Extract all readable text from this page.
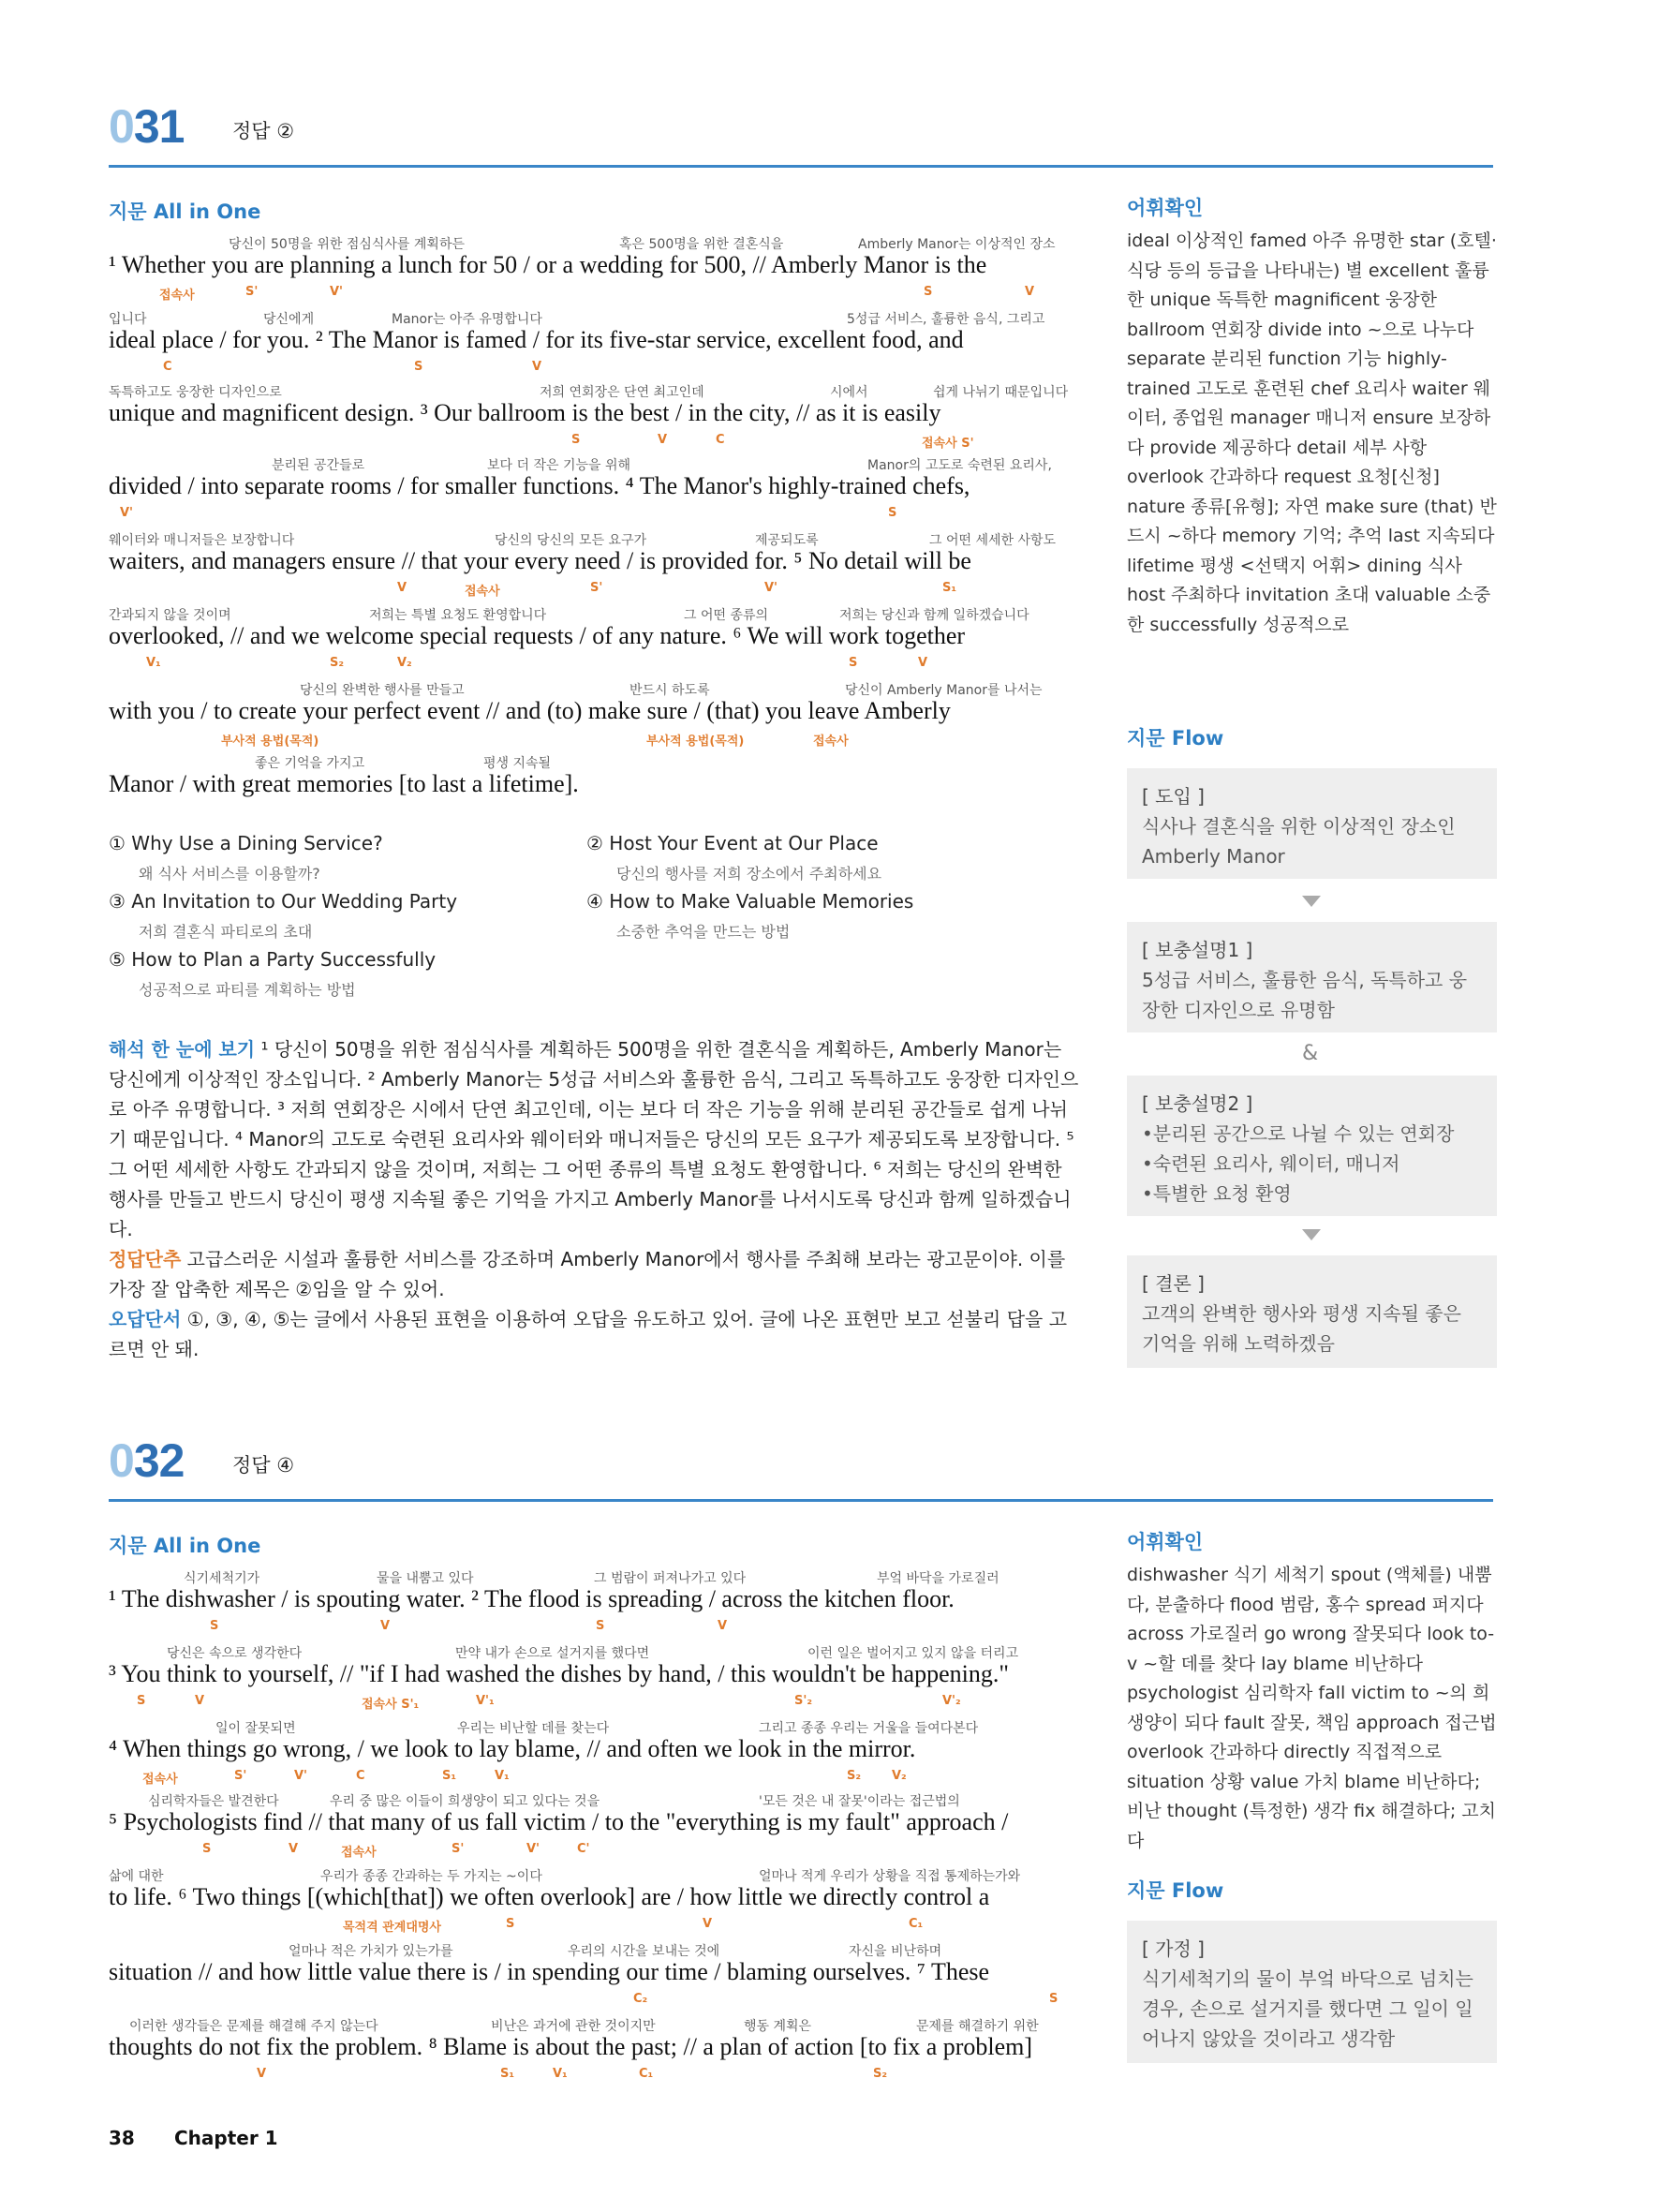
031 정답 ②
지문 All in One
당신이 50명을 위한 점심식사를 계획하든	혹은 500명을 위한 결혼식을	Amberly Manor는 이상적인 장소
¹ Whether you are planning a lunch for 50 / or a wedding for 500, // Amberly Manor is the
접속사	S'	V'	S	V
입니다	당신에게	Manor는 아주 유명합니다	5성급 서비스, 훌륭한 음식, 그리고
ideal place / for you. ² The Manor is famed / for its five-star service, excellent food, and
C	S	V
독특하고도 웅장한 디자인으로	저희 연회장은 단연 최고인데	시에서	쉽게 나뉘기 때문입니다
unique and magnificent design. ³ Our ballroom is the best / in the city, // as it is easily
S	V	C	접속사 S'
분리된 공간들로	보다 더 작은 기능을 위해	Manor의 고도로 숙련된 요리사,
divided / into separate rooms / for smaller functions. ⁴ The Manor's highly-trained chefs,
V'	S
웨이터와 매니저들은 보장합니다	당신의 당신의 모든 요구가	제공되도록	그 어떤 세세한 사항도
waiters, and managers ensure // that your every need / is provided for. ⁵ No detail will be
V	접속사	S'	V'	S₁
간과되지 않을 것이며	저희는 특별 요청도 환영합니다	그 어떤 종류의	저희는 당신과 함께 일하겠습니다
overlooked, // and we welcome special requests / of any nature. ⁶ We will work together
V₁	S₂	V₂	S	V
당신의 완벽한 행사를 만들고	반드시 하도록	당신이 Amberly Manor를 나서는
with you / to create your perfect event // and (to) make sure / (that) you leave Amberly
부사적 용법(목적)	부사적 용법(목적)	접속사
좋은 기억을 가지고	평생 지속될
Manor / with great memories [to last a lifetime].
① Why Use a Dining Service?
왜 식사 서비스를 이용할까?
② Host Your Event at Our Place
당신의 행사를 저희 장소에서 주최하세요
③ An Invitation to Our Wedding Party
저희 결혼식 파티로의 초대
④ How to Make Valuable Memories
소중한 추억을 만드는 방법
⑤ How to Plan a Party Successfully
성공적으로 파티를 계획하는 방법
해석 한 눈에 보기 ¹ 당신이 50명을 위한 점심식사를 계획하든 500명을 위한 결혼식을 계획하든, Amberly Manor는 당신에게 이상적인 장소입니다. ² Amberly Manor는 5성급 서비스와 훌륭한 음식, 그리고 독특하고도 웅장한 디자인으로 아주 유명합니다. ³ 저희 연회장은 시에서 단연 최고인데, 이는 보다 더 작은 기능을 위해 분리된 공간들로 쉽게 나뉘기 때문입니다. ⁴ Manor의 고도로 숙련된 요리사와 웨이터와 매니저들은 당신의 모든 요구가 제공되도록 보장합니다. ⁵ 그 어떤 세세한 사항도 간과되지 않을 것이며, 저희는 그 어떤 종류의 특별 요청도 환영합니다. ⁶ 저희는 당신의 완벽한 행사를 만들고 반드시 당신이 평생 지속될 좋은 기억을 가지고 Amberly Manor를 나서시도록 당신과 함께 일하겠습니다.
정답단추 고급스러운 시설과 훌륭한 서비스를 강조하며 Amberly Manor에서 행사를 주최해 보라는 광고문이야. 이를 가장 잘 압축한 제목은 ②임을 알 수 있어.
오답단서 ①, ③, ④, ⑤는 글에서 사용된 표현을 이용하여 오답을 유도하고 있어. 글에 나온 표현만 보고 섣불리 답을 고르면 안 돼.
어휘확인
ideal 이상적인 famed 아주 유명한 star (호텔·식당 등의 등급을 나타내는) 별 excellent 훌륭한 unique 독특한 magnificent 웅장한 ballroom 연회장 divide into ~으로 나누다 separate 분리된 function 기능 highly-trained 고도로 훈련된 chef 요리사 waiter 웨이터, 종업원 manager 매니저 ensure 보장하다 provide 제공하다 detail 세부 사항 overlook 간과하다 request 요청[신청] nature 종류[유형]; 자연 make sure (that) 반드시 ~하다 memory 기억; 추억 last 지속되다 lifetime 평생 <선택지 어휘> dining 식사 host 주최하다 invitation 초대 valuable 소중한 successfully 성공적으로
지문 Flow
[ 도입 ]
식사나 결혼식을 위한 이상적인 장소인 Amberly Manor
[ 보충설명1 ]
5성급 서비스, 훌륭한 음식, 독특하고 웅장한 디자인으로 유명함
&
[ 보충설명2 ]
•분리된 공간으로 나뉠 수 있는 연회장
•숙련된 요리사, 웨이터, 매니저
•특별한 요청 환영
[ 결론 ]
고객의 완벽한 행사와 평생 지속될 좋은 기억을 위해 노력하겠음
032 정답 ④
지문 All in One
식기세척기가	물을 내뿜고 있다	그 범람이 퍼져나가고 있다	부엌 바닥을 가로질러
¹ The dishwasher / is spouting water. ² The flood is spreading / across the kitchen floor.
S	V	S	V
당신은 속으로 생각한다	만약 내가 손으로 설거지를 했다면	이런 일은 벌어지고 있지 않을 터리고
³ You think to yourself, // "if I had washed the dishes by hand, / this wouldn't be happening."
S	V	접속사 S'₁	V'₁	S'₂	V'₂
일이 잘못되면	우리는 비난할 데를 찾는다	그리고 종종 우리는 거울을 들여다본다
⁴ When things go wrong, / we look to lay blame, // and often we look in the mirror.
접속사	S'	V'	C	S₁	V₁	S₂	V₂
심리학자들은 발견한다	우리 중 많은 이들이 희생양이 되고 있다는 것을	'모든 것은 내 잘못'이라는 접근법의
⁵ Psychologists find // that many of us fall victim / to the "everything is my fault" approach /
S	V	접속사	S'	V'	C'
삶에 대한	우리가 종종 간과하는 두 가지는 ~이다	얼마나 적게 우리가 상황을 직접 통제하는가와
to life. ⁶ Two things [(which[that]) we often overlook] are / how little we directly control a
목적격 관계대명사	S	V	C₁
얼마나 적은 가치가 있는가를	우리의 시간을 보내는 것에	자신을 비난하며
situation // and how little value there is / in spending our time / blaming ourselves. ⁷ These
C₂	S
이러한 생각들은 문제를 해결해 주지 않는다	비난은 과거에 관한 것이지만	행동 계획은	문제를 해결하기 위한
thoughts do not fix the problem. ⁸ Blame is about the past; // a plan of action [to fix a problem]
V	S₁	V₁	C₁	S₂
어휘확인
dishwasher 식기 세척기 spout (액체를) 내뿜다, 분출하다 flood 범람, 홍수 spread 퍼지다 across 가로질러 go wrong 잘못되다 look to-v ~할 데를 찾다 lay blame 비난하다 psychologist 심리학자 fall victim to ~의 희생양이 되다 fault 잘못, 책임 approach 접근법 overlook 간과하다 directly 직접적으로 situation 상황 value 가치 blame 비난하다; 비난 thought (특정한) 생각 fix 해결하다; 고치다
지문 Flow
[ 가정 ]
식기세척기의 물이 부엌 바닥으로 넘치는 경우, 손으로 설거지를 했다면 그 일이 일어나지 않았을 것이라고 생각함
38 Chapter 1
